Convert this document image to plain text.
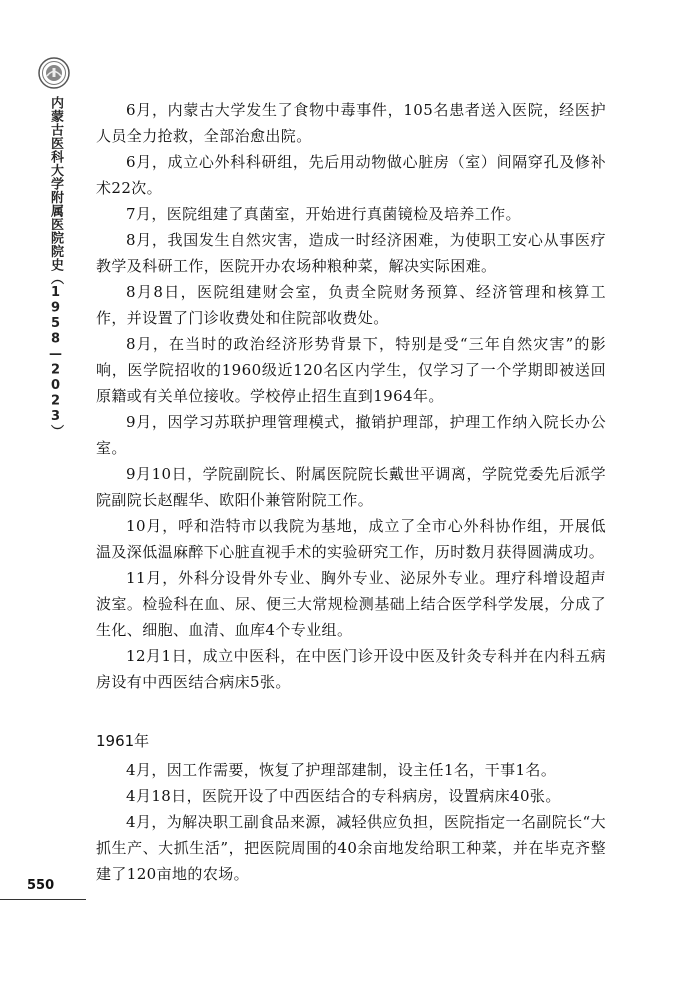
内蒙古医科大学附属医院院史（1958—2023）	6月，内蒙古大学发生了食物中毒事件，105名患者送入医院，经医护人员全力抢救，全部治愈出院。

6月，成立心外科科研组，先后用动物做心脏房（室）间隔穿孔及修补术22次。

7月，医院组建了真菌室，开始进行真菌镜检及培养工作。

8月，我国发生自然灾害，造成一时经济困难，为使职工安心从事医疗教学及科研工作，医院开办农场种粮种菜，解决实际困难。

8月8日，医院组建财会室，负责全院财务预算、经济管理和核算工作，并设置了门诊收费处和住院部收费处。

8月，在当时的政治经济形势背景下，特别是受“三年自然灾害”的影响，医学院招收的1960级近120名区内学生，仅学习了一个学期即被送回原籍或有关单位接收。学校停止招生直到1964年。

9月，因学习苏联护理管理模式，撤销护理部，护理工作纳入院长办公室。

9月10日，学院副院长、附属医院院长戴世平调离，学院党委先后派学院副院长赵醒华、欧阳仆兼管附院工作。

10月，呼和浩特市以我院为基地，成立了全市心外科协作组，开展低温及深低温麻醉下心脏直视手术的实验研究工作，历时数月获得圆满成功。

11月，外科分设骨外专业、胸外专业、泌尿外专业。理疗科增设超声波室。检验科在血、尿、便三大常规检测基础上结合医学科学发展，分成了生化、细胞、血清、血库4个专业组。

12月1日，成立中医科，在中医门诊开设中医及针灸专科并在内科五病房设有中西医结合病床5张。

1961年

4月，因工作需要，恢复了护理部建制，设主任1名，干事1名。

4月18日，医院开设了中西医结合的专科病房，设置病床40张。

4月，为解决职工副食品来源，减轻供应负担，医院指定一名副院长“大抓生产、大抓生活”，把医院周围的40余亩地发给职工种菜，并在毕克齐整建了120亩地的农场。

550
